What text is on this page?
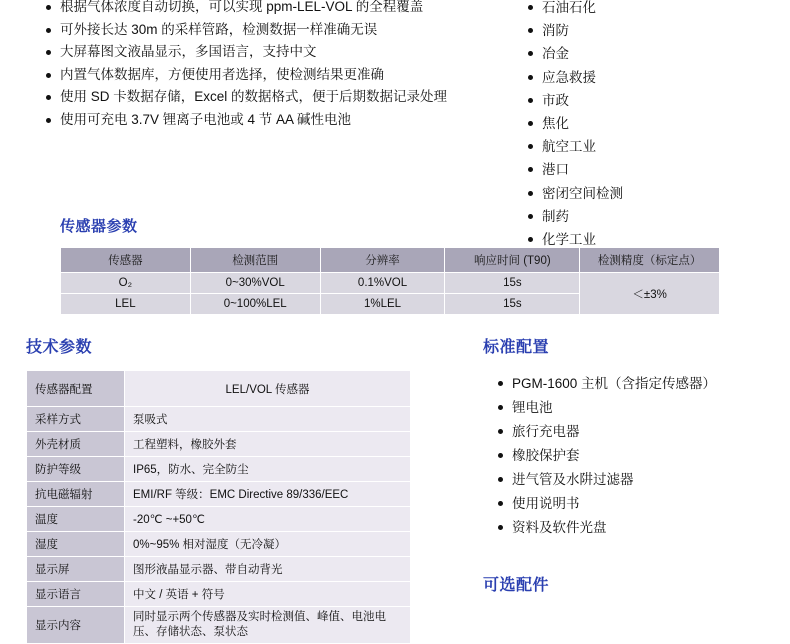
根据气体浓度自动切换，可以实现 ppm-LEL-VOL 的全程覆盖
可外接长达 30m 的采样管路，检测数据一样准确无误
大屏幕图文液晶显示，多国语言，支持中文
内置气体数据库，方便使用者选择，使检测结果更准确
使用 SD 卡数据存储，Excel 的数据格式，便于后期数据记录处理
使用可充电 3.7V 锂离子电池或 4 节 AA 碱性电池
石油石化
消防
冶金
应急救援
市政
焦化
航空工业
港口
密闭空间检测
制药
化学工业
传感器参数
传感器	检测范围	分辨率	响应时间 (T90)	检测精度（标定点）
O₂	0~30%VOL	0.1%VOL	15s	＜±3%
LEL	0~100%LEL	1%LEL	15s	
技术参数	标准配置
传感器配置	LEL/VOL 传感器
采样方式	泵吸式
外壳材质	工程塑料，橡胶外套
防护等级	IP65，防水、完全防尘
抗电磁辐射	EMI/RF 等级：EMC Directive 89/336/EEC
温度	-20℃ ~+50℃
湿度	0%~95% 相对湿度（无冷凝）
显示屏	图形液晶显示器、带自动背光
显示语言	中文 / 英语 + 符号
显示内容	同时显示两个传感器及实时检测值、峰值、电池电压、存储状态、泵状态
PGM-1600 主机（含指定传感器）
锂电池
旅行充电器
橡胶保护套
进气管及水阱过滤器
使用说明书
资料及软件光盘
可选配件
